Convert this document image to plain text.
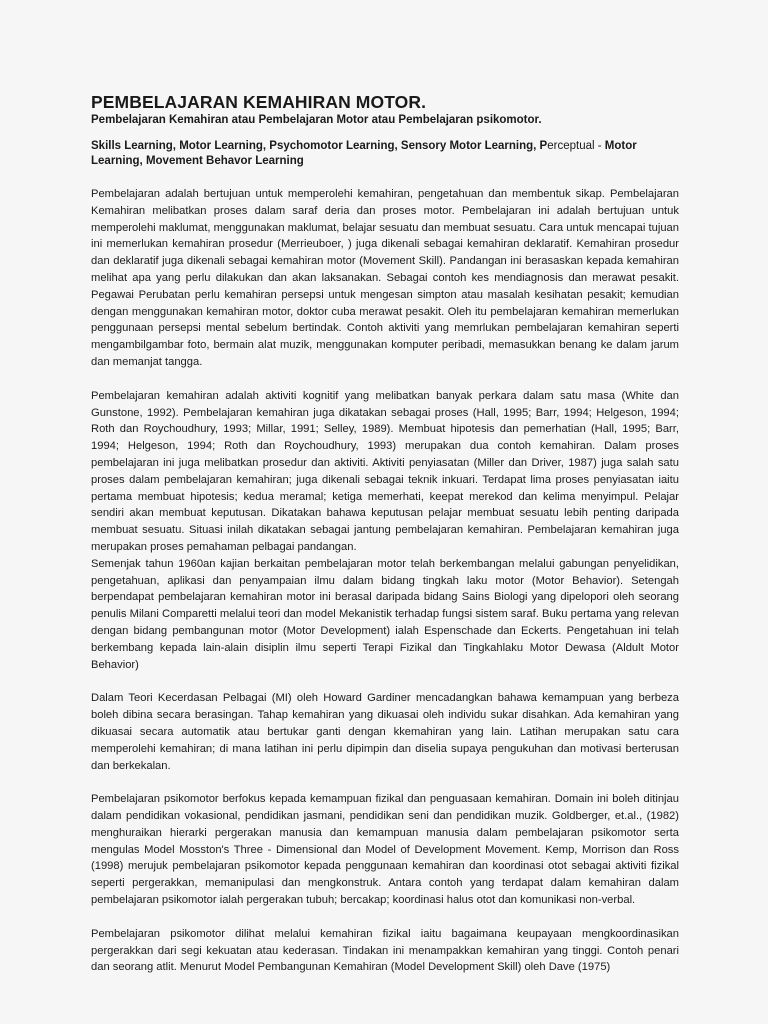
PEMBELAJARAN KEMAHIRAN MOTOR.

Pembelajaran Kemahiran atau Pembelajaran Motor atau Pembelajaran psikomotor.

Skills Learning, Motor Learning, Psychomotor Learning, Sensory Motor Learning, Perceptual - Motor Learning, Movement Behavor Learning

Pembelajaran adalah bertujuan untuk memperolehi kemahiran, pengetahuan dan membentuk sikap. Pembelajaran Kemahiran melibatkan proses dalam saraf deria dan proses motor. Pembelajaran ini adalah bertujuan untuk memperolehi maklumat, menggunakan maklumat, belajar sesuatu dan membuat sesuatu. Cara untuk mencapai tujuan ini memerlukan kemahiran prosedur (Merrieuboer, ) juga dikenali sebagai kemahiran deklaratif. Kemahiran prosedur dan deklaratif juga dikenali sebagai kemahiran motor (Movement Skill). Pandangan ini berasaskan kepada kemahiran melihat apa yang perlu dilakukan dan akan laksanakan. Sebagai contoh kes mendiagnosis dan merawat pesakit. Pegawai Perubatan perlu kemahiran persepsi untuk mengesan simpton atau masalah kesihatan pesakit; kemudian dengan menggunakan kemahiran motor, doktor cuba merawat pesakit. Oleh itu pembelajaran kemahiran memerlukan penggunaan persepsi mental sebelum bertindak. Contoh aktiviti yang memrlukan pembelajaran kemahiran seperti mengambilgambar foto, bermain alat muzik, menggunakan komputer peribadi, memasukkan benang ke dalam jarum dan memanjat tangga.

Pembelajaran kemahiran adalah aktiviti kognitif yang melibatkan banyak perkara dalam satu masa (White dan Gunstone, 1992). Pembelajaran kemahiran juga dikatakan sebagai proses (Hall, 1995; Barr, 1994; Helgeson, 1994; Roth dan Roychoudhury, 1993; Millar, 1991; Selley, 1989). Membuat hipotesis dan pemerhatian (Hall, 1995; Barr, 1994; Helgeson, 1994; Roth dan Roychoudhury, 1993) merupakan dua contoh kemahiran. Dalam proses pembelajaran ini juga melibatkan prosedur dan aktiviti. Aktiviti penyiasatan (Miller dan Driver, 1987) juga salah satu proses dalam pembelajaran kemahiran; juga dikenali sebagai teknik inkuari. Terdapat lima proses penyiasatan iaitu pertama membuat hipotesis; kedua meramal; ketiga memerhati, keepat merekod dan kelima menyimpul. Pelajar sendiri akan membuat keputusan. Dikatakan bahawa keputusan pelajar membuat sesuatu lebih penting daripada membuat sesuatu. Situasi inilah dikatakan sebagai jantung pembelajaran kemahiran. Pembelajaran kemahiran juga merupakan proses pemahaman pelbagai pandangan.

Semenjak tahun 1960an kajian berkaitan pembelajaran motor telah berkembangan melalui gabungan penyelidikan, pengetahuan, aplikasi dan penyampaian ilmu dalam bidang tingkah laku motor (Motor Behavior). Setengah berpendapat pembelajaran kemahiran motor ini berasal daripada bidang Sains Biologi yang dipelopori oleh seorang penulis Milani Comparetti melalui teori dan model Mekanistik terhadap fungsi sistem saraf. Buku pertama yang relevan dengan bidang pembangunan motor (Motor Development) ialah Espenschade dan Eckerts. Pengetahuan ini telah berkembang kepada lain-alain disiplin ilmu seperti Terapi Fizikal dan Tingkahlaku Motor Dewasa (Aldult Motor Behavior)

Dalam Teori Kecerdasan Pelbagai (MI) oleh Howard Gardiner mencadangkan bahawa kemampuan yang berbeza boleh dibina secara berasingan. Tahap kemahiran yang dikuasai oleh individu sukar disahkan. Ada kemahiran yang dikuasai secara automatik atau bertukar ganti dengan kkemahiran yang lain. Latihan merupakan satu cara memperolehi kemahiran; di mana latihan ini perlu dipimpin dan diselia supaya pengukuhan dan motivasi berterusan dan berkekalan.

Pembelajaran psikomotor berfokus kepada kemampuan fizikal dan penguasaan kemahiran. Domain ini boleh ditinjau dalam pendidikan vokasional, pendidikan jasmani, pendidikan seni dan pendidikan muzik. Goldberger, et.al., (1982) menghuraikan hierarki pergerakan manusia dan kemampuan manusia dalam pembelajaran psikomotor serta mengulas Model Mosston's Three - Dimensional dan Model of Development Movement. Kemp, Morrison dan Ross (1998) merujuk pembelajaran psikomotor kepada penggunaan kemahiran dan koordinasi otot sebagai aktiviti fizikal seperti pergerakkan, memanipulasi dan mengkonstruk. Antara contoh yang terdapat dalam kemahiran dalam pembelajaran psikomotor ialah pergerakan tubuh; bercakap; koordinasi halus otot dan komunikasi non-verbal.

Pembelajaran psikomotor dilihat melalui kemahiran fizikal iaitu bagaimana keupayaan mengkoordinasikan pergerakkan dari segi kekuatan atau kederasan. Tindakan ini menampakkan kemahiran yang tinggi. Contoh penari dan seorang atlit. Menurut Model Pembangunan Kemahiran (Model Development Skill) oleh Dave (1975)
